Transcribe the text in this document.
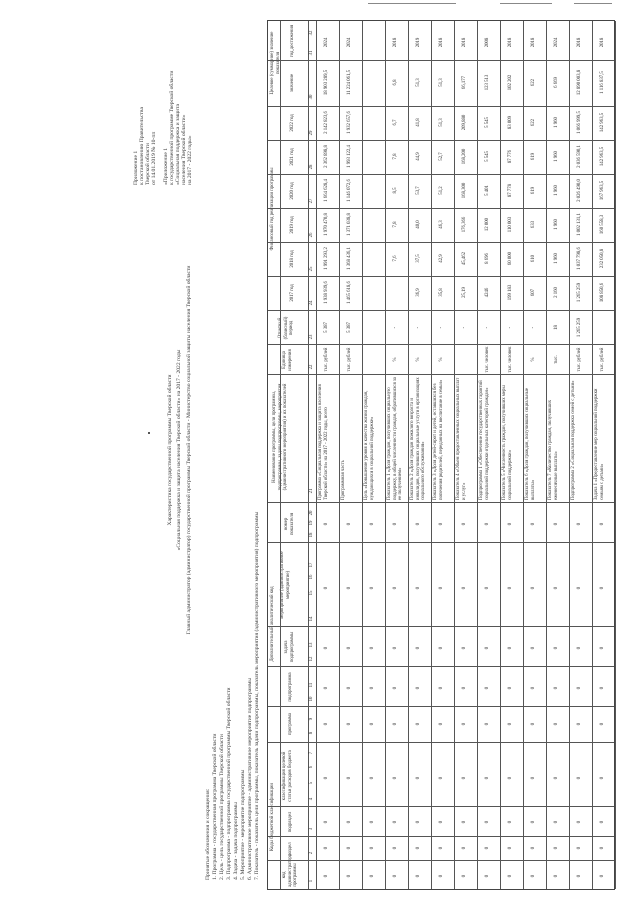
Приложение 1 к постановлению Правительства Тверской области от 14.01.2019 № 10-пп «Приложение 1 к государственной программе Тверской области «Социальная поддержка и защита населения Тверской области» на 2017 - 2022 годы»
Характеристика государственной программы Тверской области «Социальная поддержка и защита населения Тверской области» на 2017 - 2022 годы Главный администратор (администратор) государственной программы Тверской области - Министерство социальной защиты населения Тверской области
Принятые обозначения и сокращения: 1. Программа - государственная программа Тверской области 2. Цель - цель государственной программы Тверской области 3. Подпрограмма - подпрограмма государственной программы Тверской области 4. Задача - задача подпрограммы 5. Мероприятие - мероприятие подпрограммы 6. Административное мероприятие - административное мероприятие подпрограммы 7. Показатель - показатель цели программы, показатель задачи подпрограммы, показатель мероприятия (административного мероприятия) подпрограммы Коды бюджетной классификации
Дополнительный аналитический код
Наименование программы, цели программы, подпрограммы, задачи подпрограммы, мероприятия (административного мероприятия) и их показателей
Единица измерения
Отчетный (базисный) период
Финансовый год реализации программы
Целевое (суммарное) значение показателя
код администратора программы
раздел
подраздел
классификация целевой статьи расходов бюджета
программа
подпрограмма
задача подпрограммы
мероприятие (административное мероприятие)
номер показателя
2017 год
2018 год
2019 год
2020 год
2021 год
2022 год
значение
год достижения
1
2
3
4
5
6
7
8
9
10
11
12
13
14
15
16
17
18
19
20
21
22
23
24
25
26
27
28
29
30
31
32
0
0
0
0
0
0
0
0
0
Программа «Социальная поддержка и защита населения Тверской области» на 2017 - 2022 годы, всего
тыс. рублей
5 387
1 938 939,6
1 991 293,2
1 970 470,8
1 664 628,4
2 362 898,8
2 142 823,6
18 903 289,5
2024
0
0
0
0
0
0
0
0
0
Программная часть
тыс. рублей
5 387
1 465 618,6
1 368 436,1
1 371 038,8
1 146 072,6
1 993 122,4
1 932 657,6
11 224 061,5
2024
0
0
0
0
0
0
0
0
0
Цель «Повышение уровня и качества жизни граждан, нуждающихся в социальной поддержке»
0
0
0
0
0
0
0
0
0
Показатель 1 «Доля граждан, получивших социальную поддержку, в общей численности граждан, обратившихся за ее получением»
%
-
7,6
7,8
8,5
7,8
6,7
6,8
2018
0
0
0
0
0
0
0
0
0
Показатель 2 «Доля граждан пожилого возраста и инвалидов, получивших социальные услуги в организациях социального обслуживания»
%
-
36,9
37,5
40,0
53,7
44,9
41,8
51,3
2019
0
0
0
0
0
0
0
0
0
Показатель 3 «Доля детей-сирот и детей, оставшихся без попечения родителей, переданных на воспитание в семьи»
%
-
35,8
42,9
46,3
51,2
52,7
51,3
51,3
2018
0
0
0
0
0
0
0
0
0
Показатель 4 «Объем предоставленных социальных выплат и услуг»
-
25,19
45,462
176,366
168,300
168,200
209,880
66,177
2018
0
0
0
0
0
0
0
0
0
Подпрограмма 1 «Обеспечение государственных гарантий социальной поддержки отдельных категорий граждан»
тыс. человек
-
4246
8 696
12 000
5 401
5 545
5 545
123 513
2008
0
0
0
0
0
0
0
0
0
Показатель 5 «Численность граждан, получивших меры социальной поддержки»
тыс. человек
-
199 183
60 000
110 003
87 778
87 776
83 009
102 202
2018
0
0
0
0
0
0
0
0
0
Показатель 6 «Доля граждан, получивших социальные выплаты»
%
-
607
610
633
619
619
622
622
2018
0
0
0
0
0
0
0
0
0
Показатель 7 «Количество граждан, получивших ежемесячные выплаты»
тыс.
18
2 160
1 960
1 960
1 960
1 960
1 960
6 669
2024
0
0
0
0
0
0
0
0
0
Подпрограмма 2 «Социальная поддержка семей с детьми»
тыс. рублей
1 265 259
1 265 259
1 037 798,6
1 002 131,1
2 026 490,0
2 036 590,1
1 066 999,5
12 890 003,8
2018
0
0
0
0
0
0
0
0
0
Задача 1 «Предоставление мер социальной поддержки семьям с детьми»
тыс. рублей
108 850,6
232 050,8
160 558,3
167 963,5
142 963,5
142 963,5
1 116 837,5
2018
